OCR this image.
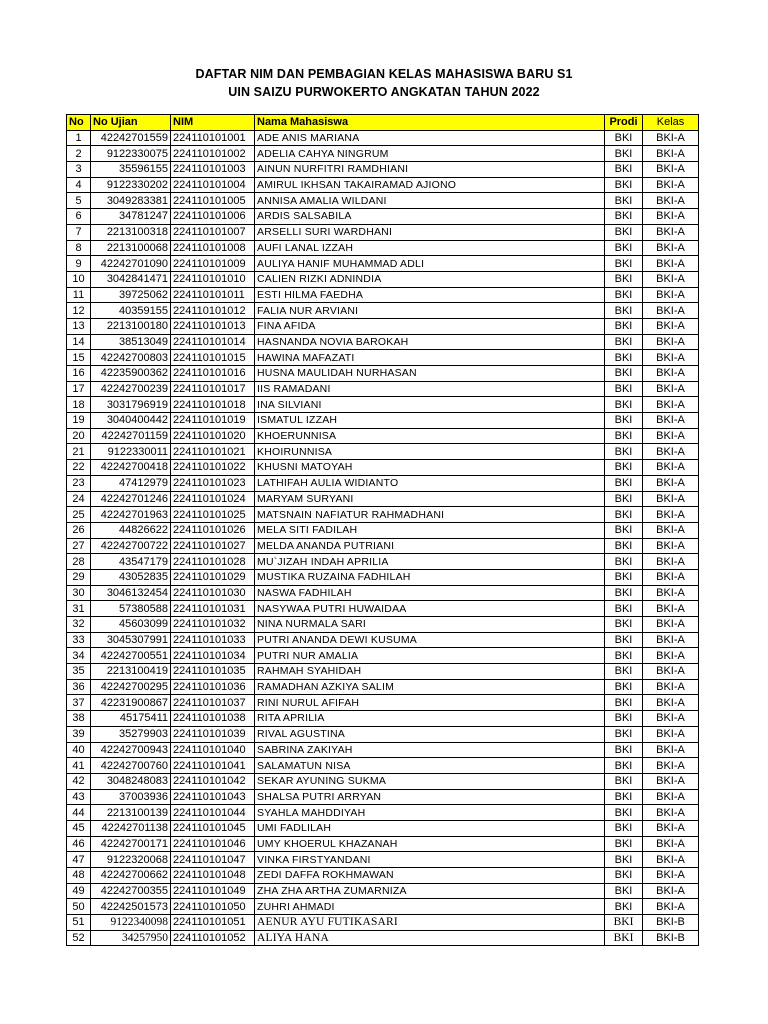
DAFTAR NIM DAN PEMBAGIAN KELAS MAHASISWA BARU S1
UIN SAIZU PURWOKERTO ANGKATAN TAHUN 2022
No	No Ujian	NIM	Nama Mahasiswa	Prodi	Kelas
1	42242701559	224110101001	ADE ANIS MARIANA	BKI	BKI-A
2	9122330075	224110101002	ADELIA CAHYA NINGRUM	BKI	BKI-A
3	35596155	224110101003	AINUN NURFITRI RAMDHIANI	BKI	BKI-A
4	9122330202	224110101004	AMIRUL IKHSAN TAKAIRAMAD AJIONO	BKI	BKI-A
5	3049283381	224110101005	ANNISA AMALIA WILDANI	BKI	BKI-A
6	34781247	224110101006	ARDIS SALSABILA	BKI	BKI-A
7	2213100318	224110101007	ARSELLI SURI WARDHANI	BKI	BKI-A
8	2213100068	224110101008	AUFI LANAL IZZAH	BKI	BKI-A
9	42242701090	224110101009	AULIYA HANIF MUHAMMAD ADLI	BKI	BKI-A
10	3042841471	224110101010	CALIEN RIZKI ADNINDIA	BKI	BKI-A
11	39725062	224110101011	ESTI HILMA FAEDHA	BKI	BKI-A
12	40359155	224110101012	FALIA NUR ARVIANI	BKI	BKI-A
13	2213100180	224110101013	FINA AFIDA	BKI	BKI-A
14	38513049	224110101014	HASNANDA NOVIA BAROKAH	BKI	BKI-A
15	42242700803	224110101015	HAWINA MAFAZATI	BKI	BKI-A
16	42235900362	224110101016	HUSNA MAULIDAH NURHASAN	BKI	BKI-A
17	42242700239	224110101017	IIS RAMADANI	BKI	BKI-A
18	3031796919	224110101018	INA SILVIANI	BKI	BKI-A
19	3040400442	224110101019	ISMATUL IZZAH	BKI	BKI-A
20	42242701159	224110101020	KHOERUNNISA	BKI	BKI-A
21	9122330011	224110101021	KHOIRUNNISA	BKI	BKI-A
22	42242700418	224110101022	KHUSNI MATOYAH	BKI	BKI-A
23	47412979	224110101023	LATHIFAH AULIA WIDIANTO	BKI	BKI-A
24	42242701246	224110101024	MARYAM SURYANI	BKI	BKI-A
25	42242701963	224110101025	MATSNAIN NAFIATUR RAHMADHANI	BKI	BKI-A
26	44826622	224110101026	MELA SITI FADILAH	BKI	BKI-A
27	42242700722	224110101027	MELDA ANANDA PUTRIANI	BKI	BKI-A
28	43547179	224110101028	MU`JIZAH INDAH APRILIA	BKI	BKI-A
29	43052835	224110101029	MUSTIKA RUZAINA FADHILAH	BKI	BKI-A
30	3046132454	224110101030	NASWA FADHILAH	BKI	BKI-A
31	57380588	224110101031	NASYWAA PUTRI HUWAIDAA	BKI	BKI-A
32	45603099	224110101032	NINA NURMALA SARI	BKI	BKI-A
33	3045307991	224110101033	PUTRI ANANDA DEWI KUSUMA	BKI	BKI-A
34	42242700551	224110101034	PUTRI NUR AMALIA	BKI	BKI-A
35	2213100419	224110101035	RAHMAH SYAHIDAH	BKI	BKI-A
36	42242700295	224110101036	RAMADHAN AZKIYA SALIM	BKI	BKI-A
37	42231900867	224110101037	RINI NURUL AFIFAH	BKI	BKI-A
38	45175411	224110101038	RITA APRILIA	BKI	BKI-A
39	35279903	224110101039	RIVAL AGUSTINA	BKI	BKI-A
40	42242700943	224110101040	SABRINA ZAKIYAH	BKI	BKI-A
41	42242700760	224110101041	SALAMATUN NISA	BKI	BKI-A
42	3048248083	224110101042	SEKAR AYUNING SUKMA	BKI	BKI-A
43	37003936	224110101043	SHALSA PUTRI ARRYAN	BKI	BKI-A
44	2213100139	224110101044	SYAHLA MAHDDIYAH	BKI	BKI-A
45	42242701138	224110101045	UMI FADLILAH	BKI	BKI-A
46	42242700171	224110101046	UMY KHOERUL KHAZANAH	BKI	BKI-A
47	9122320068	224110101047	VINKA FIRSTYANDANI	BKI	BKI-A
48	42242700662	224110101048	ZEDI DAFFA ROKHMAWAN	BKI	BKI-A
49	42242700355	224110101049	ZHA ZHA ARTHA ZUMARNIZA	BKI	BKI-A
50	42242501573	224110101050	ZUHRI AHMADI	BKI	BKI-A
51	9122340098	224110101051	AENUR AYU FUTIKASARI	BKI	BKI-B
52	34257950	224110101052	ALIYA HANA	BKI	BKI-B
